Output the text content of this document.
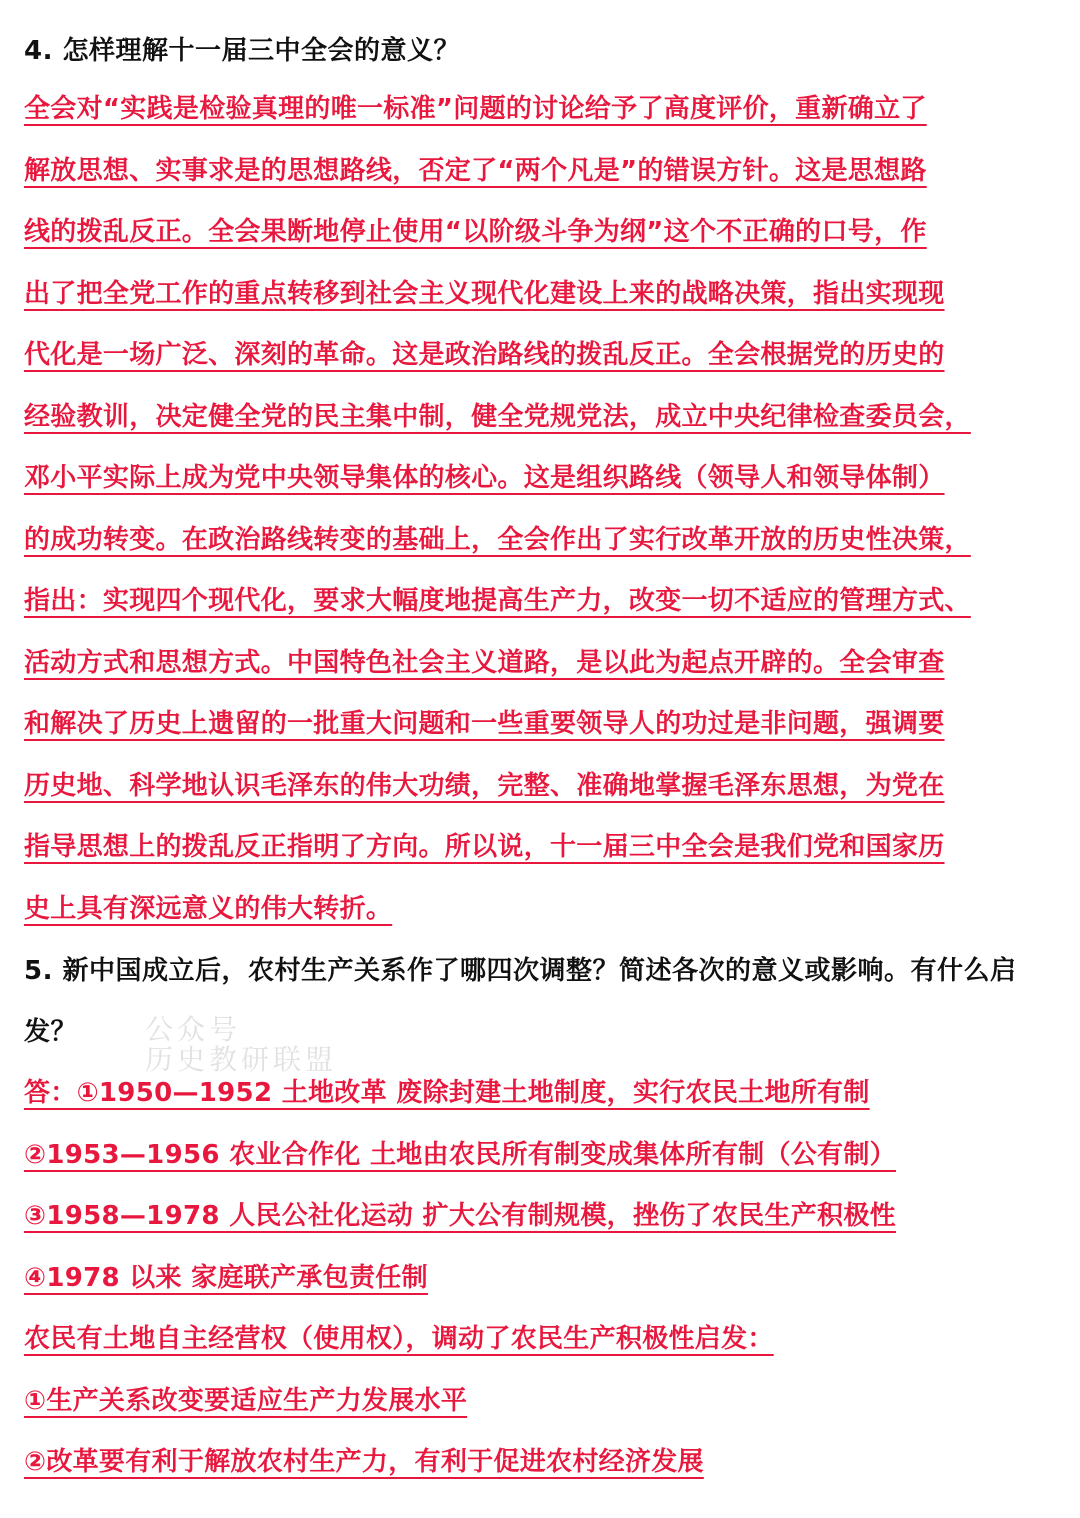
4. 怎样理解十一届三中全会的意义？
全会对“实践是检验真理的唯一标准”问题的讨论给予了高度评价，重新确立了
解放思想、实事求是的思想路线，否定了“两个凡是”的错误方针。这是思想路
线的拨乱反正。全会果断地停止使用“以阶级斗争为纲”这个不正确的口号，作
出了把全党工作的重点转移到社会主义现代化建设上来的战略决策，指出实现现
代化是一场广泛、深刻的革命。这是政治路线的拨乱反正。全会根据党的历史的
经验教训，决定健全党的民主集中制，健全党规党法，成立中央纪律检查委员会，
邓小平实际上成为党中央领导集体的核心。这是组织路线（领导人和领导体制）
的成功转变。在政治路线转变的基础上，全会作出了实行改革开放的历史性决策，
指出：实现四个现代化，要求大幅度地提高生产力，改变一切不适应的管理方式、
活动方式和思想方式。中国特色社会主义道路，是以此为起点开辟的。全会审查
和解决了历史上遗留的一批重大问题和一些重要领导人的功过是非问题，强调要
历史地、科学地认识毛泽东的伟大功绩，完整、准确地掌握毛泽东思想，为党在
指导思想上的拨乱反正指明了方向。所以说，十一届三中全会是我们党和国家历
史上具有深远意义的伟大转折。
5. 新中国成立后，农村生产关系作了哪四次调整？简述各次的意义或影响。有什么启
发？ 公众号
历史教研联盟
答：①1950—1952 土地改革 废除封建土地制度，实行农民土地所有制
②1953—1956 农业合作化 土地由农民所有制变成集体所有制（公有制）
③1958—1978 人民公社化运动 扩大公有制规模，挫伤了农民生产积极性
④1978 以来 家庭联产承包责任制
农民有土地自主经营权（使用权），调动了农民生产积极性启发：
①生产关系改变要适应生产力发展水平
②改革要有利于解放农村生产力，有利于促进农村经济发展
